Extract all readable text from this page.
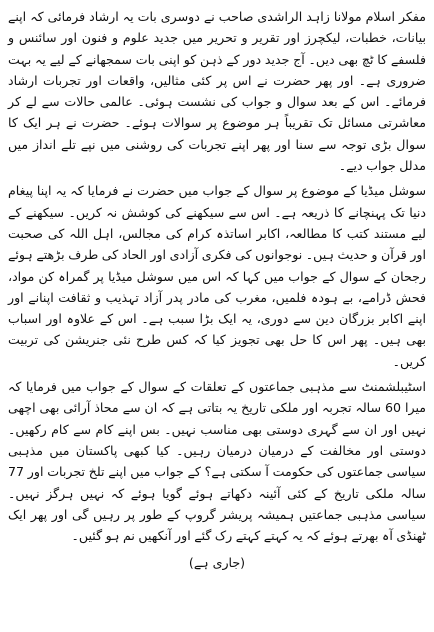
مفکر اسلام مولانا زاہد الراشدی صاحب نے دوسری بات یہ ارشاد فرمائی کہ اپنے بیانات، خطبات، لیکچرز اور تقریر و تحریر میں جدید علوم و فنون اور سائنس و فلسفے کا ٹچ بھی دیں۔ آج جدید دور کے ذہن کو اپنی بات سمجھانے کے لیے یہ بہت ضروری ہے۔ اور پھر حضرت نے اس پر کئی مثالیں، واقعات اور تجربات ارشاد فرمائے۔ اس کے بعد سوال و جواب کی نشست ہوئی۔ عالمی حالات سے لے کر معاشرتی مسائل تک تقریباً ہر موضوع پر سوالات ہوئے۔ حضرت نے ہر ایک کا سوال بڑی توجہ سے سنا اور پھر اپنے تجربات کی روشنی میں نپے تلے انداز میں مدلل جواب دیے۔

سوشل میڈیا کے موضوع پر سوال کے جواب میں حضرت نے فرمایا کہ یہ اپنا پیغام دنیا تک پہنچانے کا ذریعہ ہے۔ اس سے سیکھنے کی کوشش نہ کریں۔ سیکھنے کے لیے مستند کتب کا مطالعہ، اکابر اساتذہ کرام کی مجالس، اہل اللہ کی صحبت اور قرآن و حدیث ہیں۔ نوجوانوں کی فکری آزادی اور الحاد کی طرف بڑھتے ہوئے رجحان کے سوال کے جواب میں کہا کہ اس میں سوشل میڈیا پر گمراہ کن مواد، فحش ڈرامے، بے ہودہ فلمیں، مغرب کی مادر پدر آزاد تہذیب و ثقافت اپنانے اور اپنے اکابر بزرگان دین سے دوری، یہ ایک بڑا سبب ہے۔ اس کے علاوہ اور اسباب بھی ہیں۔ پھر اس کا حل بھی تجویز کیا کہ کس طرح نئی جنریشن کی تربیت کریں۔

اسٹیبلشمنٹ سے مذہبی جماعتوں کے تعلقات کے سوال کے جواب میں فرمایا کہ میرا 60 سالہ تجربہ اور ملکی تاریخ یہ بتاتی ہے کہ ان سے محاذ آرائی بھی اچھی نہیں اور ان سے گہری دوستی بھی مناسب نہیں۔ بس اپنے کام سے کام رکھیں۔ دوستی اور مخالفت کے درمیان درمیان رہیں۔ کیا کبھی پاکستان میں مذہبی سیاسی جماعتوں کی حکومت آ سکتی ہے؟ کے جواب میں اپنے تلخ تجربات اور 77 سالہ ملکی تاریخ کے کئی آئینہ دکھاتے ہوئے گویا ہوئے کہ نہیں ہرگز نہیں۔ سیاسی مذہبی جماعتیں ہمیشہ پریشر گروپ کے طور پر رہیں گی اور پھر ایک ٹھنڈی آہ بھرتے ہوئے کہ یہ کہتے کہتے رک گئے اور آنکھیں نم ہو گئیں۔

(جاری ہے)
